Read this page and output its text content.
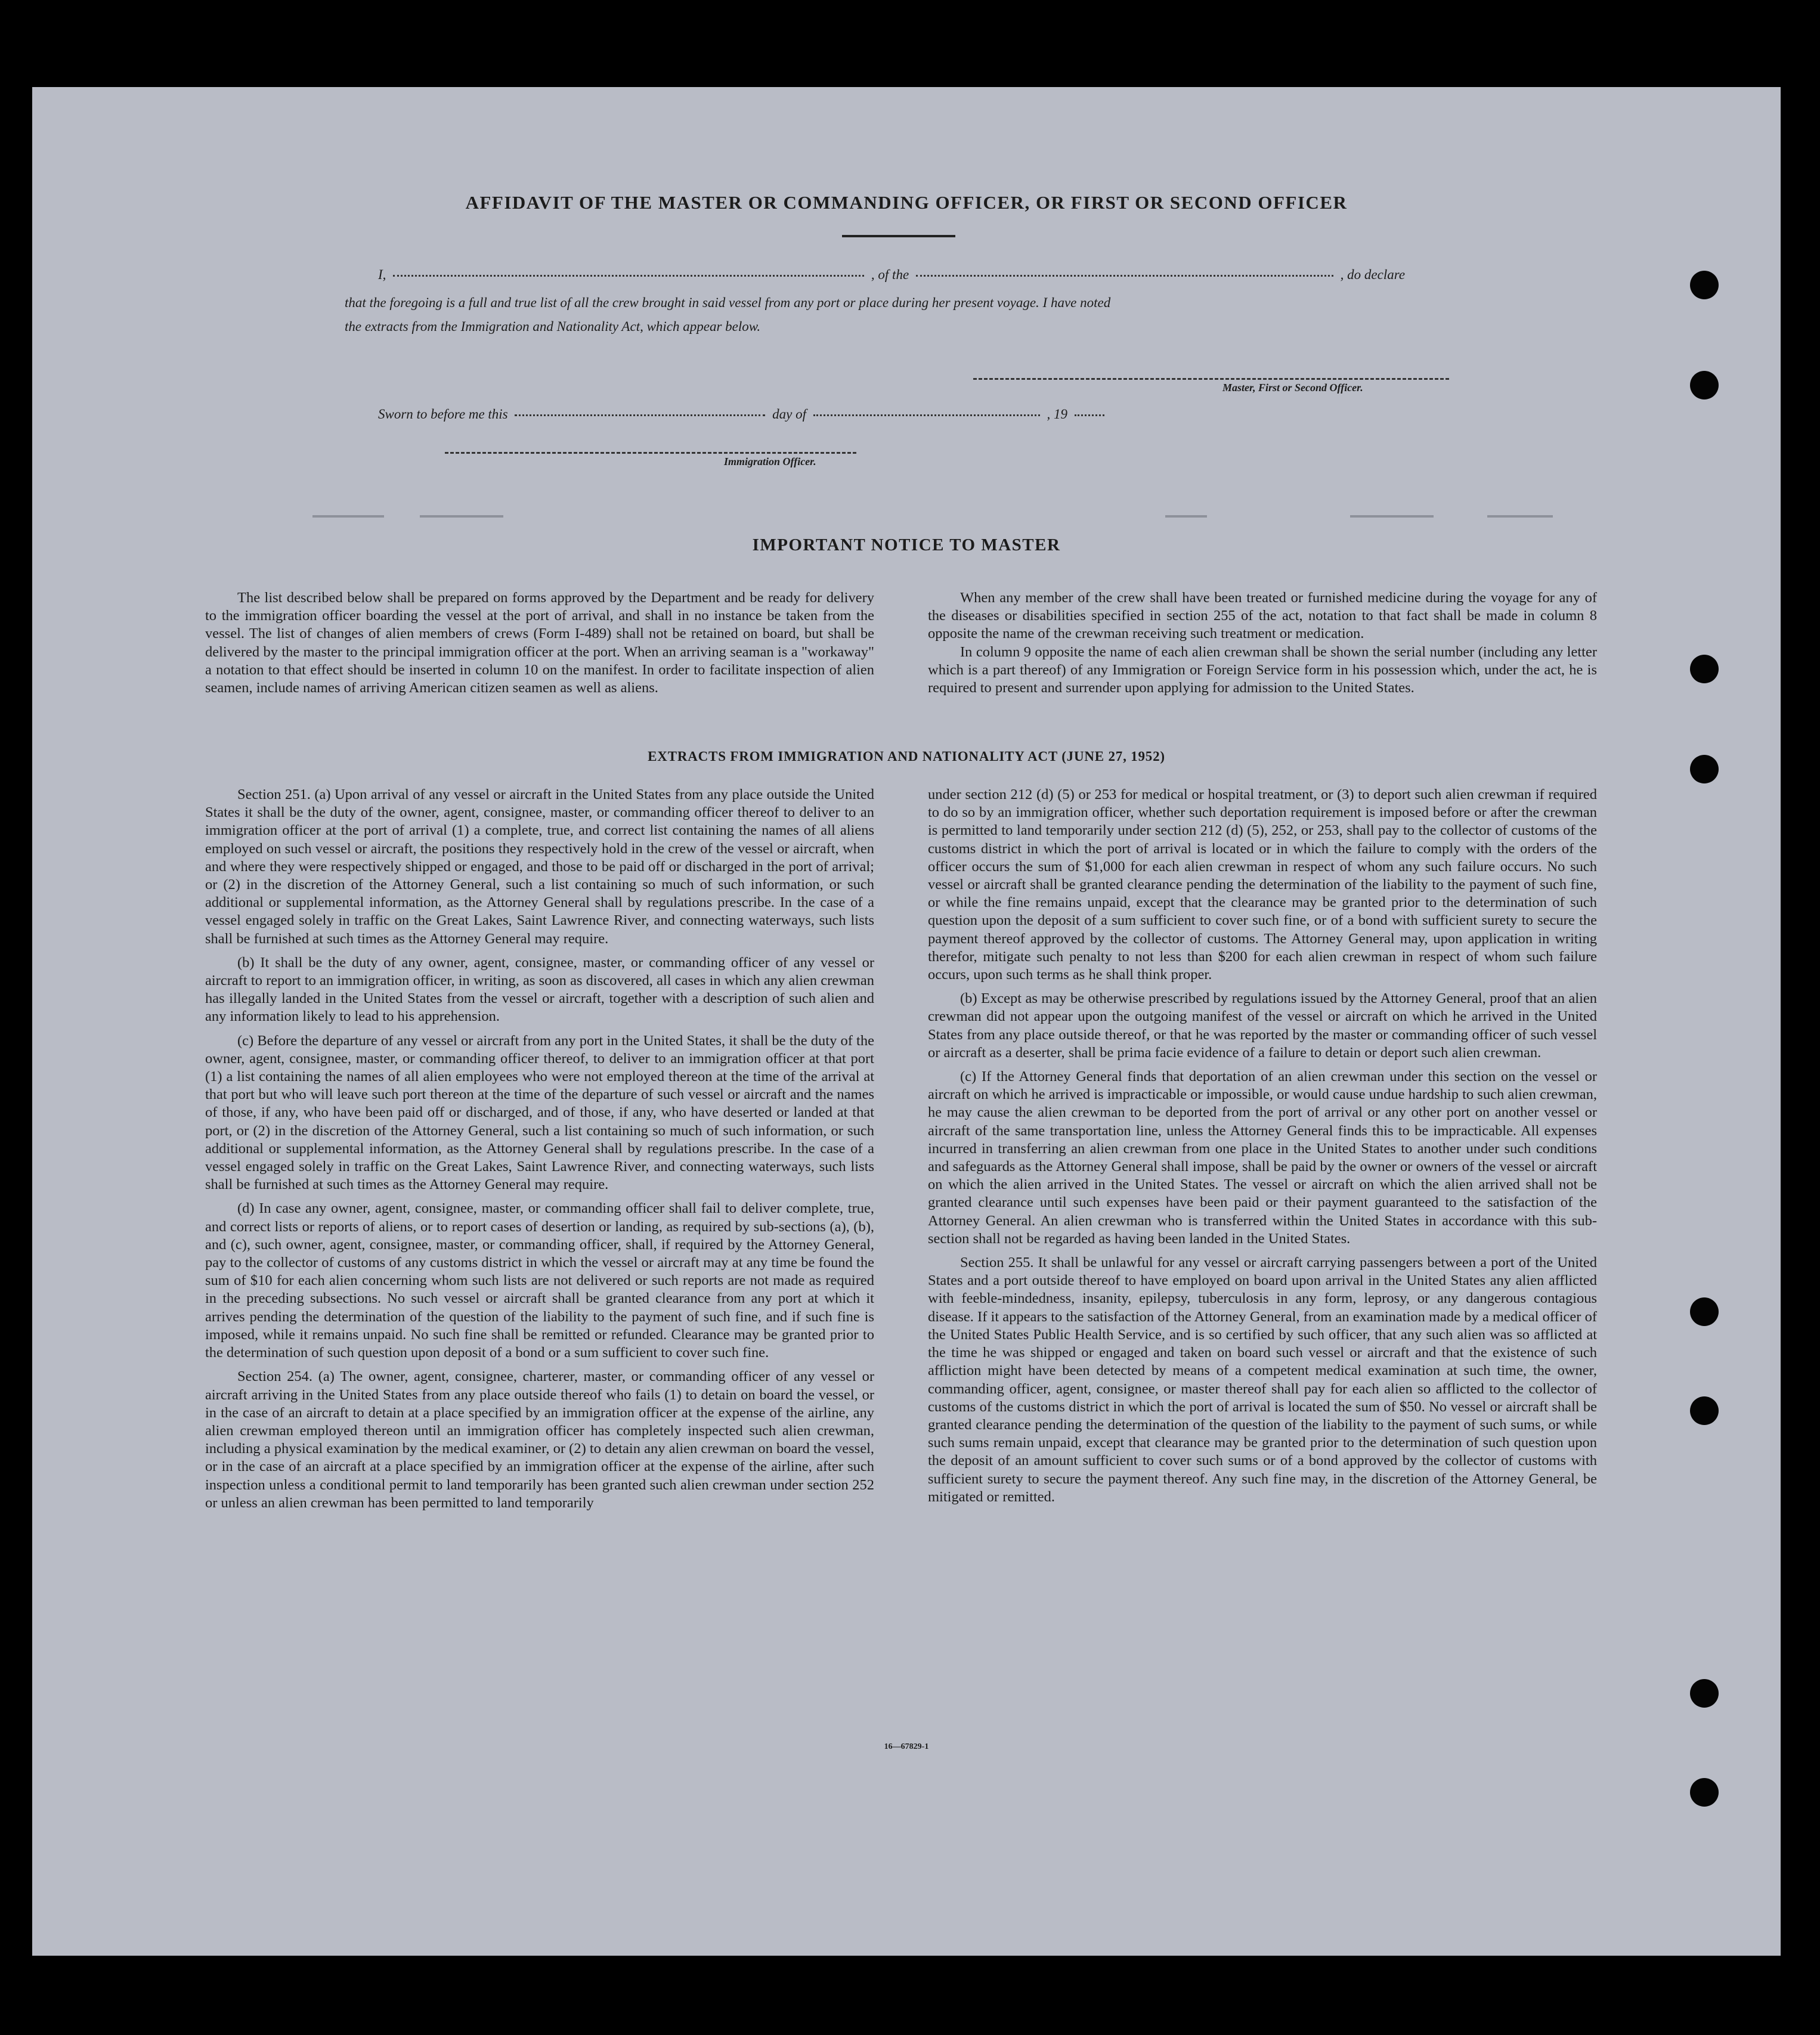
AFFIDAVIT OF THE MASTER OR COMMANDING OFFICER, OR FIRST OR SECOND OFFICER
I,	, of the	, do declare
that the foregoing is a full and true list of all the crew brought in said vessel from any port or place during her present voyage. I have noted
the extracts from the Immigration and Nationality Act, which appear below.
Master, First or Second Officer.
Sworn to before me this	day of	, 19
Immigration Officer.
IMPORTANT NOTICE TO MASTER

The list described below shall be prepared on forms approved by the Department and be ready for delivery to the immigration officer boarding the vessel at the port of arrival, and shall in no instance be taken from the vessel. The list of changes of alien members of crews (Form I-489) shall not be retained on board, but shall be delivered by the master to the principal immigration officer at the port. When an arriving seaman is a "workaway" a notation to that effect should be inserted in column 10 on the manifest. In order to facilitate inspection of alien seamen, include names of arriving American citizen seamen as well as aliens.

When any member of the crew shall have been treated or furnished medicine during the voyage for any of the diseases or disabilities specified in section 255 of the act, notation to that fact shall be made in column 8 opposite the name of the crewman receiving such treatment or medication.

In column 9 opposite the name of each alien crewman shall be shown the serial number (including any letter which is a part thereof) of any Immigration or Foreign Service form in his possession which, under the act, he is required to present and surrender upon applying for admission to the United States.

EXTRACTS FROM IMMIGRATION AND NATIONALITY ACT (JUNE 27, 1952)

Section 251. (a) Upon arrival of any vessel or aircraft in the United States from any place outside the United States it shall be the duty of the owner, agent, consignee, master, or commanding officer thereof to deliver to an immigration officer at the port of arrival (1) a complete, true, and correct list containing the names of all aliens employed on such vessel or aircraft, the positions they respectively hold in the crew of the vessel or aircraft, when and where they were respectively shipped or engaged, and those to be paid off or discharged in the port of arrival; or (2) in the discretion of the Attorney General, such a list containing so much of such information, or such additional or supplemental information, as the Attorney General shall by regulations prescribe. In the case of a vessel engaged solely in traffic on the Great Lakes, Saint Lawrence River, and connecting waterways, such lists shall be furnished at such times as the Attorney General may require.

(b) It shall be the duty of any owner, agent, consignee, master, or commanding officer of any vessel or aircraft to report to an immigration officer, in writing, as soon as discovered, all cases in which any alien crewman has illegally landed in the United States from the vessel or aircraft, together with a description of such alien and any information likely to lead to his apprehension.

(c) Before the departure of any vessel or aircraft from any port in the United States, it shall be the duty of the owner, agent, consignee, master, or commanding officer thereof, to deliver to an immigration officer at that port (1) a list containing the names of all alien employees who were not employed thereon at the time of the arrival at that port but who will leave such port thereon at the time of the departure of such vessel or aircraft and the names of those, if any, who have been paid off or discharged, and of those, if any, who have deserted or landed at that port, or (2) in the discretion of the Attorney General, such a list containing so much of such information, or such additional or supplemental information, as the Attorney General shall by regulations prescribe. In the case of a vessel engaged solely in traffic on the Great Lakes, Saint Lawrence River, and connecting waterways, such lists shall be furnished at such times as the Attorney General may require.

(d) In case any owner, agent, consignee, master, or commanding officer shall fail to deliver complete, true, and correct lists or reports of aliens, or to report cases of desertion or landing, as required by sub-sections (a), (b), and (c), such owner, agent, consignee, master, or commanding officer, shall, if required by the Attorney General, pay to the collector of customs of any customs district in which the vessel or aircraft may at any time be found the sum of $10 for each alien concerning whom such lists are not delivered or such reports are not made as required in the preceding subsections. No such vessel or aircraft shall be granted clearance from any port at which it arrives pending the determination of the question of the liability to the payment of such fine, and if such fine is imposed, while it remains unpaid. No such fine shall be remitted or refunded. Clearance may be granted prior to the determination of such question upon deposit of a bond or a sum sufficient to cover such fine.

Section 254. (a) The owner, agent, consignee, charterer, master, or commanding officer of any vessel or aircraft arriving in the United States from any place outside thereof who fails (1) to detain on board the vessel, or in the case of an aircraft to detain at a place specified by an immigration officer at the expense of the airline, any alien crewman employed thereon until an immigration officer has completely inspected such alien crewman, including a physical examination by the medical examiner, or (2) to detain any alien crewman on board the vessel, or in the case of an aircraft at a place specified by an immigration officer at the expense of the airline, after such inspection unless a conditional permit to land temporarily has been granted such alien crewman under section 252 or unless an alien crewman has been permitted to land temporarily

under section 212 (d) (5) or 253 for medical or hospital treatment, or (3) to deport such alien crewman if required to do so by an immigration officer, whether such deportation requirement is imposed before or after the crewman is permitted to land temporarily under section 212 (d) (5), 252, or 253, shall pay to the collector of customs of the customs district in which the port of arrival is located or in which the failure to comply with the orders of the officer occurs the sum of $1,000 for each alien crewman in respect of whom any such failure occurs. No such vessel or aircraft shall be granted clearance pending the determination of the liability to the payment of such fine, or while the fine remains unpaid, except that the clearance may be granted prior to the determination of such question upon the deposit of a sum sufficient to cover such fine, or of a bond with sufficient surety to secure the payment thereof approved by the collector of customs. The Attorney General may, upon application in writing therefor, mitigate such penalty to not less than $200 for each alien crewman in respect of whom such failure occurs, upon such terms as he shall think proper.

(b) Except as may be otherwise prescribed by regulations issued by the Attorney General, proof that an alien crewman did not appear upon the outgoing manifest of the vessel or aircraft on which he arrived in the United States from any place outside thereof, or that he was reported by the master or commanding officer of such vessel or aircraft as a deserter, shall be prima facie evidence of a failure to detain or deport such alien crewman.

(c) If the Attorney General finds that deportation of an alien crewman under this section on the vessel or aircraft on which he arrived is impracticable or impossible, or would cause undue hardship to such alien crewman, he may cause the alien crewman to be deported from the port of arrival or any other port on another vessel or aircraft of the same transportation line, unless the Attorney General finds this to be impracticable. All expenses incurred in transferring an alien crewman from one place in the United States to another under such conditions and safeguards as the Attorney General shall impose, shall be paid by the owner or owners of the vessel or aircraft on which the alien arrived in the United States. The vessel or aircraft on which the alien arrived shall not be granted clearance until such expenses have been paid or their payment guaranteed to the satisfaction of the Attorney General. An alien crewman who is transferred within the United States in accordance with this sub-section shall not be regarded as having been landed in the United States.

Section 255. It shall be unlawful for any vessel or aircraft carrying passengers between a port of the United States and a port outside thereof to have employed on board upon arrival in the United States any alien afflicted with feeble-mindedness, insanity, epilepsy, tuberculosis in any form, leprosy, or any dangerous contagious disease. If it appears to the satisfaction of the Attorney General, from an examination made by a medical officer of the United States Public Health Service, and is so certified by such officer, that any such alien was so afflicted at the time he was shipped or engaged and taken on board such vessel or aircraft and that the existence of such affliction might have been detected by means of a competent medical examination at such time, the owner, commanding officer, agent, consignee, or master thereof shall pay for each alien so afflicted to the collector of customs of the customs district in which the port of arrival is located the sum of $50. No vessel or aircraft shall be granted clearance pending the determination of the question of the liability to the payment of such sums, or while such sums remain unpaid, except that clearance may be granted prior to the determination of such question upon the deposit of an amount sufficient to cover such sums or of a bond approved by the collector of customs with sufficient surety to secure the payment thereof. Any such fine may, in the discretion of the Attorney General, be mitigated or remitted.

16—67829-1
